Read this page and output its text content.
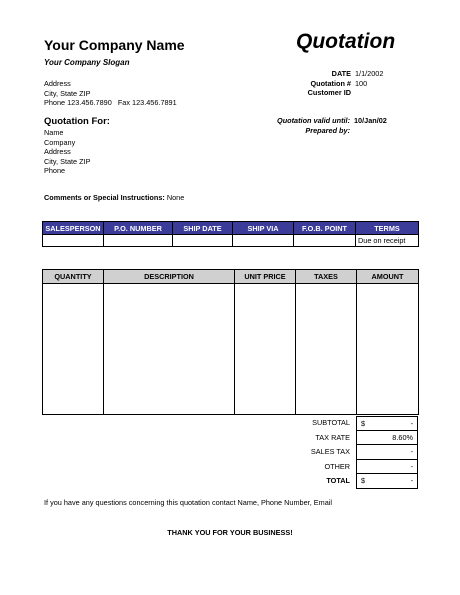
Your Company Name
Your Company Slogan
Quotation
Address
City, State ZIP
Phone 123.456.7890   Fax 123.456.7891
DATE 1/1/2002
Quotation # 100
Customer ID
Quotation For:
Name
Company
Address
City, State ZIP
Phone
Quotation valid until: 10/Jan/02
Prepared by:
Comments or Special Instructions: None
SALESPERSON	P.O. NUMBER	SHIP DATE	SHIP VIA	F.O.B. POINT	TERMS
					Due on receipt
QUANTITY	DESCRIPTION	UNIT PRICE	TAXES	AMOUNT

SUBTOTAL	$	-
TAX RATE	8.60%
SALES TAX	-
OTHER	-
TOTAL	$	-
If you have any questions concerning this quotation contact Name, Phone Number, Email
THANK YOU FOR YOUR BUSINESS!
